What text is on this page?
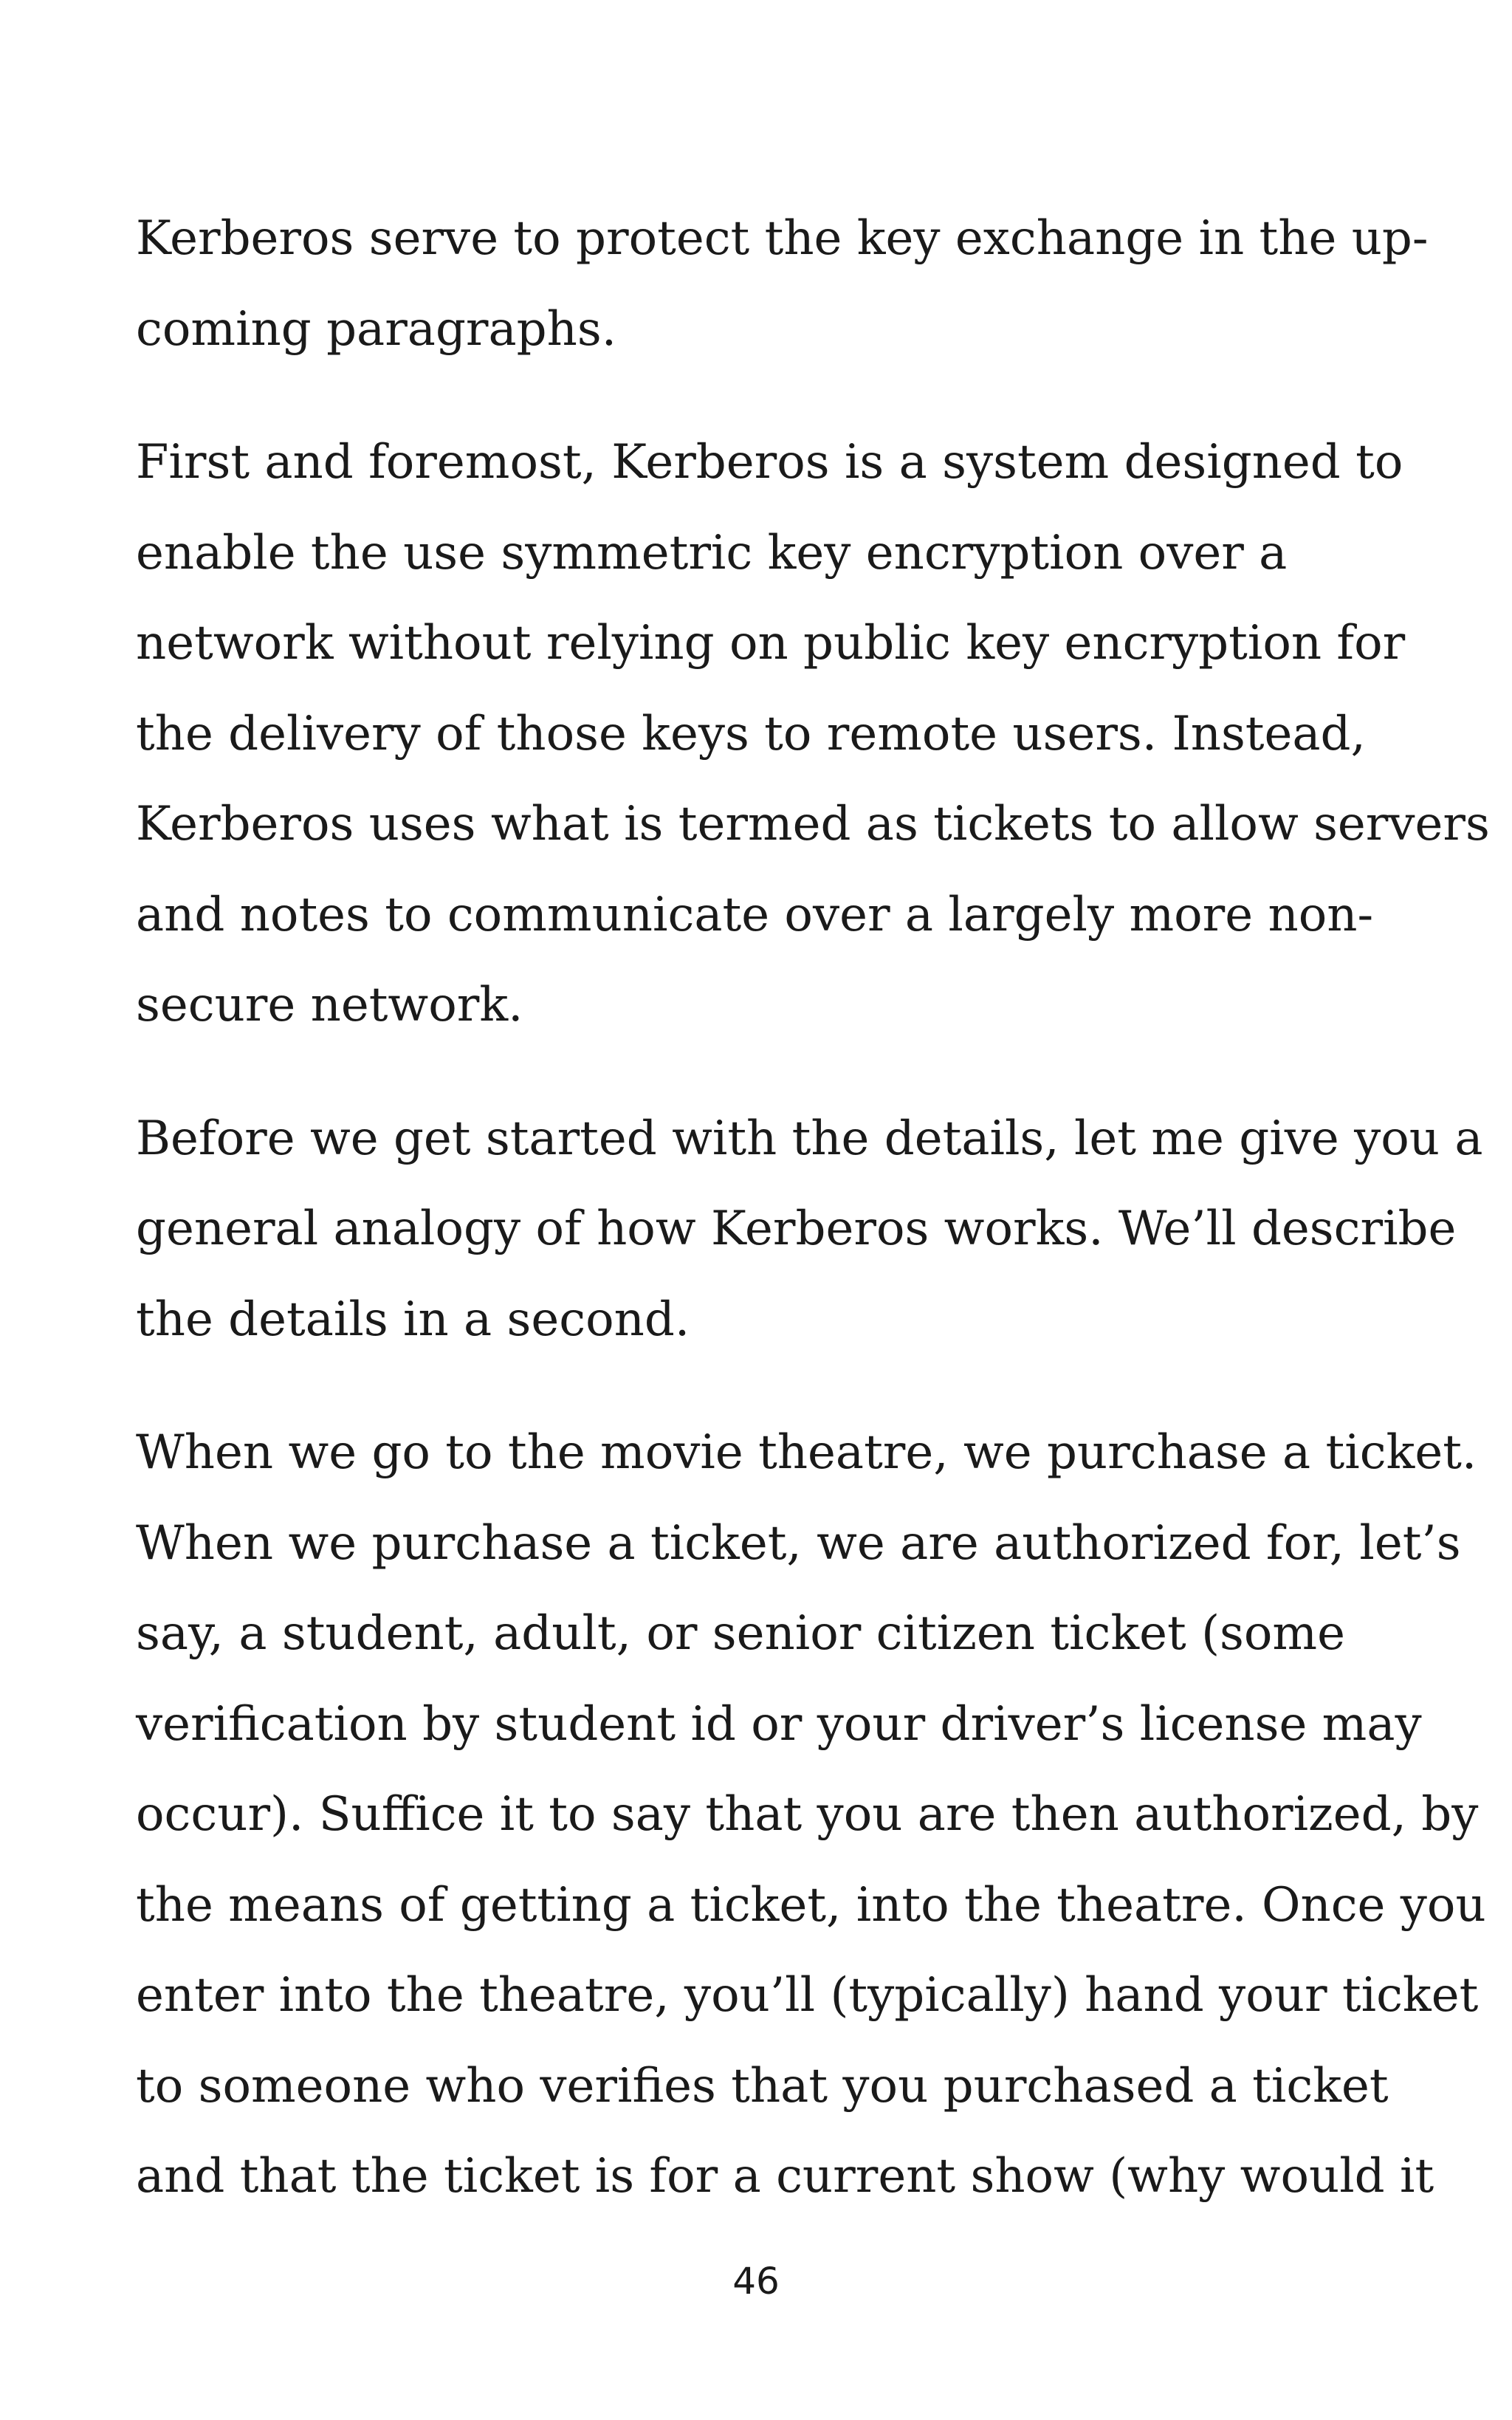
Kerberos serve to protect the key exchange in the up-
coming paragraphs.
First and foremost, Kerberos is a system designed to
enable the use symmetric key encryption over a
network without relying on public key encryption for
the delivery of those keys to remote users. Instead,
Kerberos uses what is termed as tickets to allow servers
and notes to communicate over a largely more non-
secure network.
Before we get started with the details, let me give you a
general analogy of how Kerberos works. We’ll describe
the details in a second.
When we go to the movie theatre, we purchase a ticket.
When we purchase a ticket, we are authorized for, let’s
say, a student, adult, or senior citizen ticket (some
verification by student id or your driver’s license may
occur). Suffice it to say that you are then authorized, by
the means of getting a ticket, into the theatre. Once you
enter into the theatre, you’ll (typically) hand your ticket
to someone who verifies that you purchased a ticket
and that the ticket is for a current show (why would it
46
